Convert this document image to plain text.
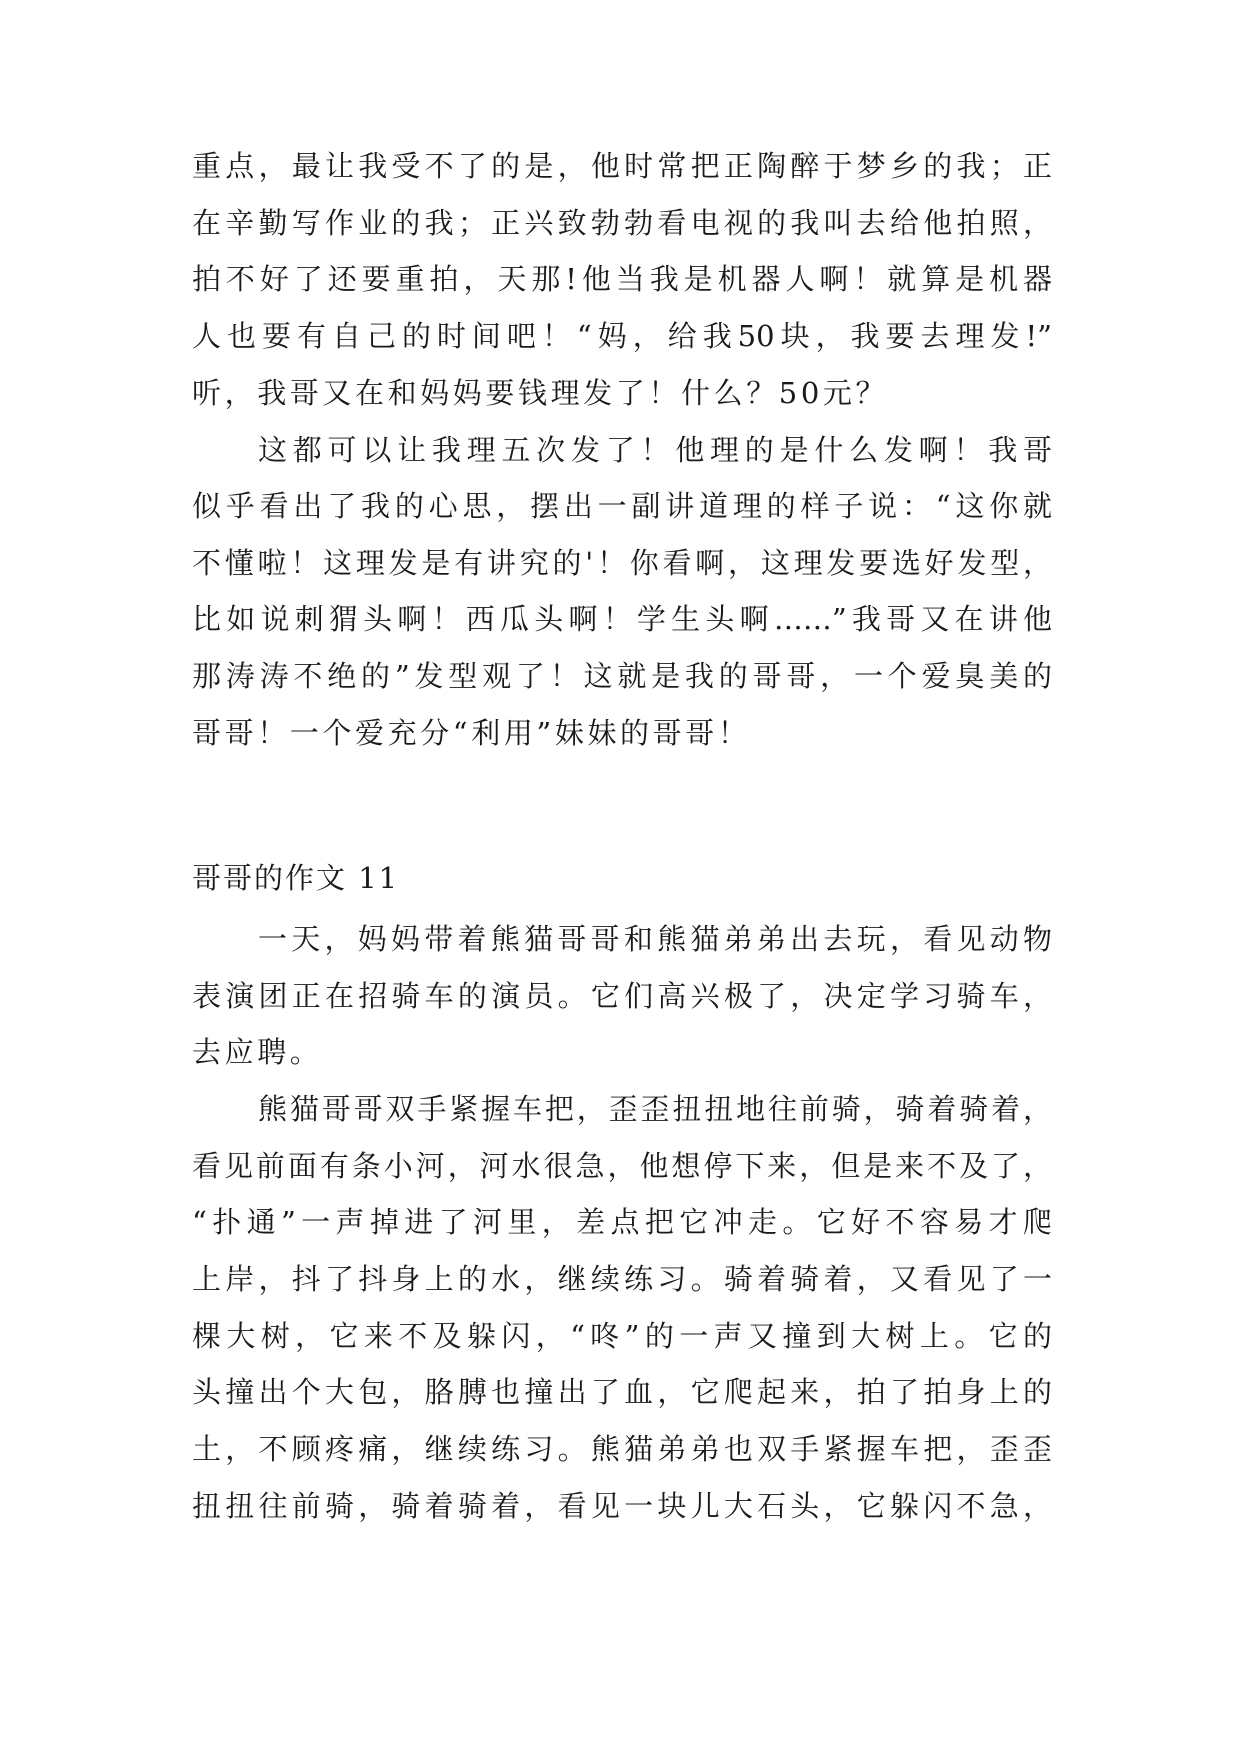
重点，最让我受不了的是，他时常把正陶醉于梦乡的我；正
在辛勤写作业的我；正兴致勃勃看电视的我叫去给他拍照，
拍不好了还要重拍，天那!他当我是机器人啊！就算是机器
人也要有自己的时间吧！“妈，给我50块，我要去理发!”
听，我哥又在和妈妈要钱理发了！什么？50元？
这都可以让我理五次发了！他理的是什么发啊！我哥
似乎看出了我的心思，摆出一副讲道理的样子说：“这你就
不懂啦！这理发是有讲究的'！你看啊，这理发要选好发型，
比如说刺猬头啊！西瓜头啊！学生头啊……”我哥又在讲他
那涛涛不绝的”发型观了！这就是我的哥哥，一个爱臭美的
哥哥！一个爱充分“利用”妹妹的哥哥！
哥哥的作文 11
一天，妈妈带着熊猫哥哥和熊猫弟弟出去玩，看见动物
表演团正在招骑车的演员。它们高兴极了，决定学习骑车，
去应聘。
熊猫哥哥双手紧握车把，歪歪扭扭地往前骑，骑着骑着，
看见前面有条小河，河水很急，他想停下来，但是来不及了，
“扑通”一声掉进了河里，差点把它冲走。它好不容易才爬
上岸，抖了抖身上的水，继续练习。骑着骑着，又看见了一
棵大树，它来不及躲闪，“咚”的一声又撞到大树上。它的
头撞出个大包，胳膊也撞出了血，它爬起来，拍了拍身上的
土，不顾疼痛，继续练习。熊猫弟弟也双手紧握车把，歪歪
扭扭往前骑，骑着骑着，看见一块儿大石头，它躲闪不急，
